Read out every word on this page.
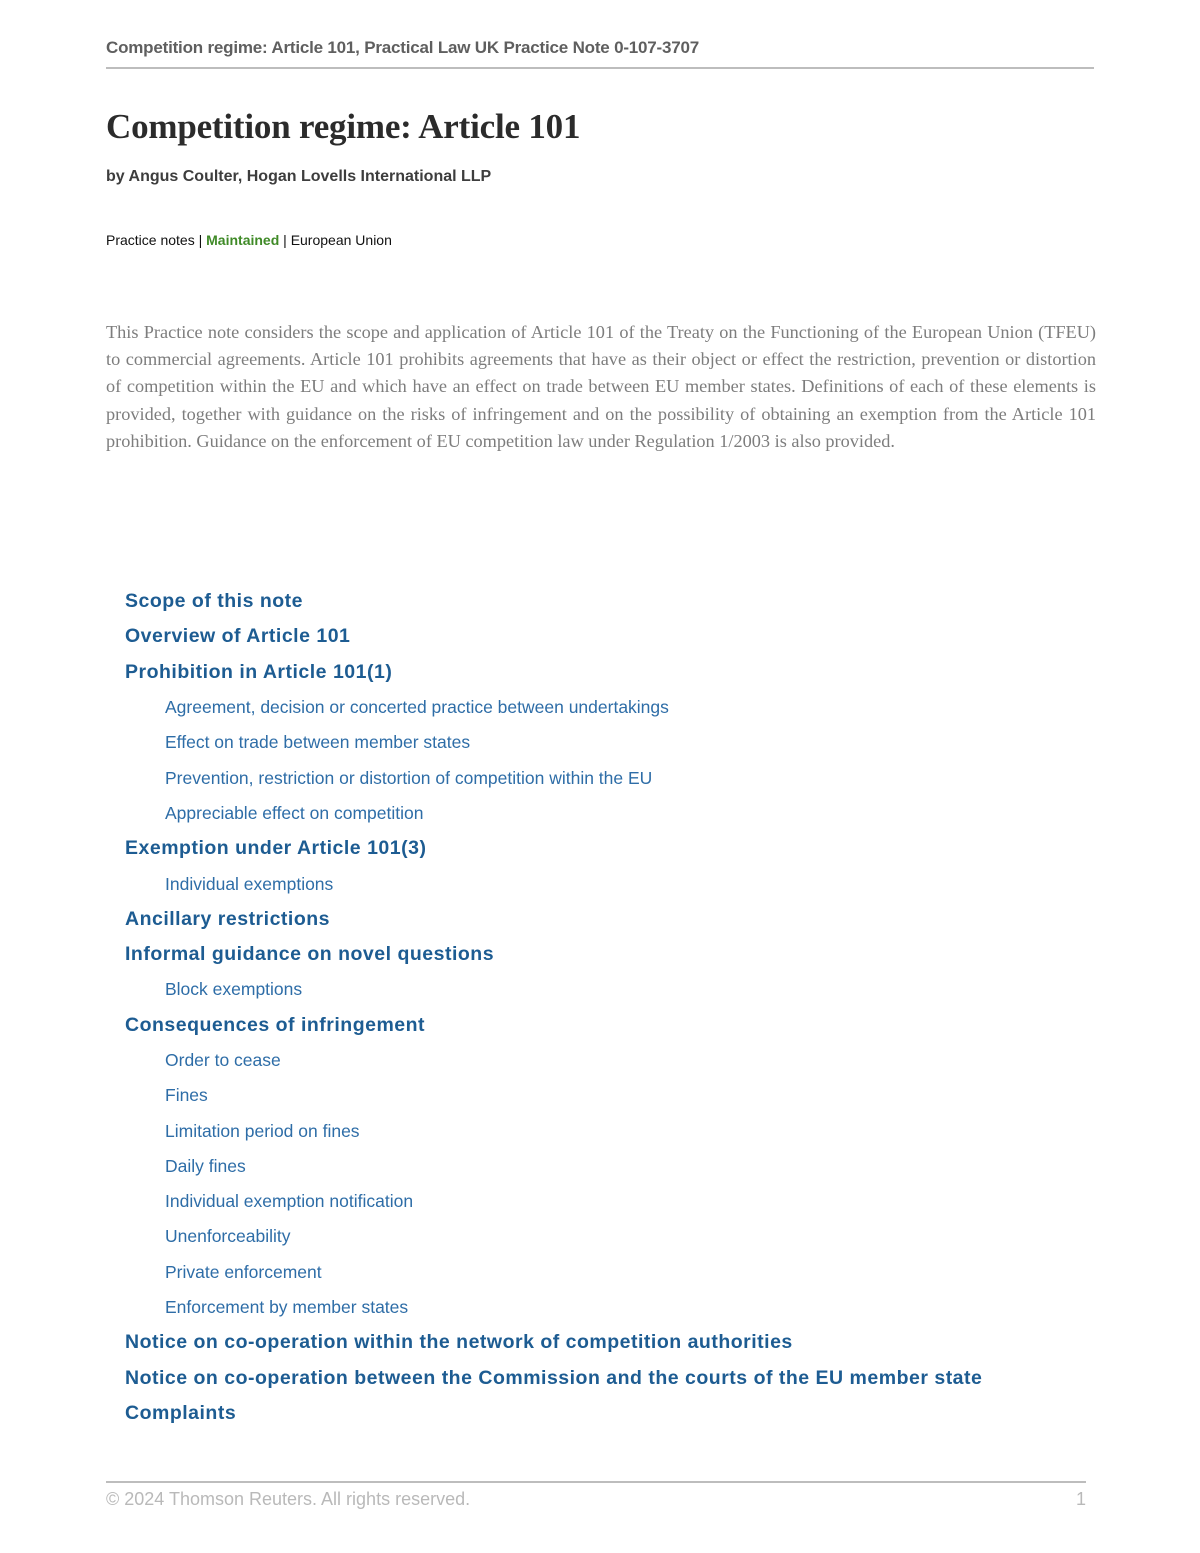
Competition regime: Article 101, Practical Law UK Practice Note 0-107-3707
Competition regime: Article 101
by Angus Coulter, Hogan Lovells International LLP
Practice notes | Maintained | European Union

This Practice note considers the scope and application of Article 101 of the Treaty on the Functioning of the European Union (TFEU) to commercial agreements. Article 101 prohibits agreements that have as their object or effect the restriction, prevention or distortion of competition within the EU and which have an effect on trade between EU member states. Definitions of each of these elements is provided, together with guidance on the risks of infringement and on the possibility of obtaining an exemption from the Article 101 prohibition. Guidance on the enforcement of EU competition law under Regulation 1/2003 is also provided.

Scope of this note
Overview of Article 101
Prohibition in Article 101(1)
Agreement, decision or concerted practice between undertakings
Effect on trade between member states
Prevention, restriction or distortion of competition within the EU
Appreciable effect on competition
Exemption under Article 101(3)
Individual exemptions
Ancillary restrictions
Informal guidance on novel questions
Block exemptions
Consequences of infringement
Order to cease
Fines
Limitation period on fines
Daily fines
Individual exemption notification
Unenforceability
Private enforcement
Enforcement by member states
Notice on co-operation within the network of competition authorities
Notice on co-operation between the Commission and the courts of the EU member state
Complaints
© 2024 Thomson Reuters. All rights reserved.	1
